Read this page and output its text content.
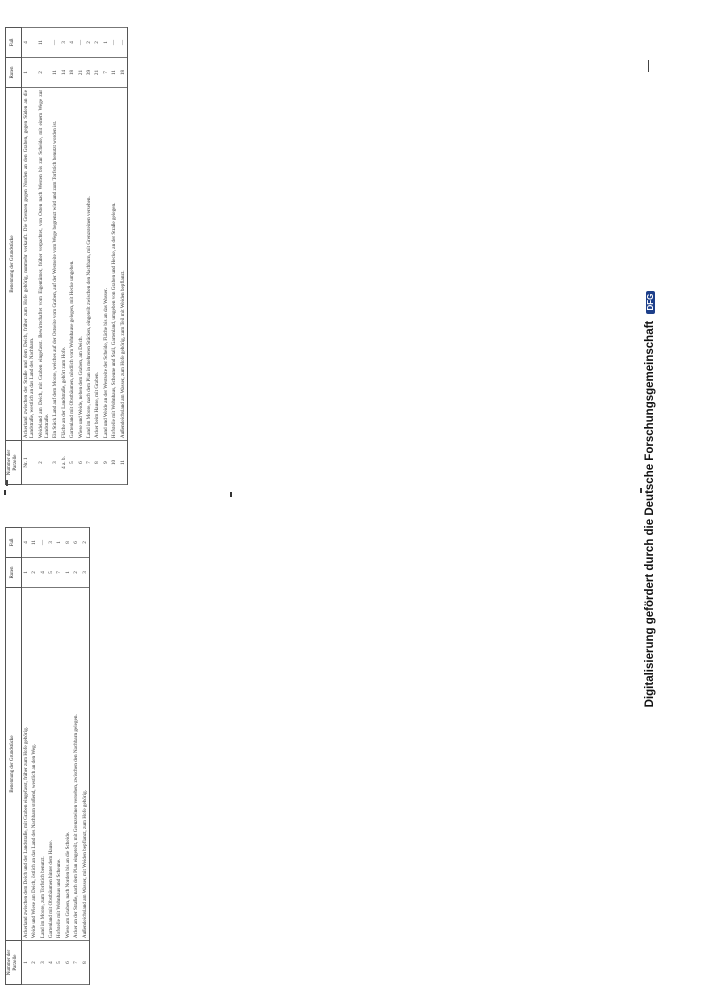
Nummer der Parzelle	Benennung der Grundstücke	Ruten	Fuß
Nr. 1	Ackerland zwischen der Straße und dem Deich, früher zum Hofe gehörig, nunmehr verkauft. Die Grenzen gegen Norden an den Graben, gegen Süden an die Landstraße, westlich an das Land des Nachbarn.	1	4
2	Weideland am Deich, mit Graben eingefasst. Bewirtschaftet vom Eigentümer, früher verpachtet, von Osten nach Westen bis zur Scheide, mit einem Wege zur Landstraße.	2	11
3	Ein Stück Land auf dem Moore, welches auf der Ostseite vom Graben, auf der Westseite vom Wege begrenzt wird und zum Torfstich benutzt worden ist.	11	—
4 a. b.	Fläche an der Landstraße, gehört zum Hofe.	14	3
5	Gartenland mit Obstbäumen, nördlich vom Wohnhause gelegen, mit Hecke umgeben.	18	4
6	Wiese und Weide, neben dem Graben, am Deich.	21	—
7	Land im Moore, nach dem Plan in mehreren Stücken, eingeteilt zwischen den Nachbarn, mit Grenzsteinen versehen.	39	2
8	Acker beim Hause, mit Graben.	21	2
9	Land und Weide an der Westseite der Scheide, Fläche bis an das Wasser.	7	1
10	Hofstelle mit Wohnhaus, Scheune und Stall, Gartenland, umgeben von Graben und Hecke, an der Straße gelegen.	11	—
11	Außendeichsland am Wasser, zum Hofe gehörig, zum Teil mit Weiden bepflanzt.	18	—
Nummer der Parzelle	Benennung der Grundstücke	Ruten	Fuß
1	Ackerland zwischen dem Deich und der Landstraße, mit Graben eingefasst, früher zum Hofe gehörig.	1	4
2	Weide und Wiese am Deich, östlich an das Land des Nachbarn stoßend, westlich an den Weg.	2	11
3	Land im Moore, zum Torfstich benutzt.	4	—
4	Gartenland mit Obstbäumen hinter dem Hause.	5	3
5	Hofstelle mit Wohnhaus und Scheune.	7	1
6	Wiese am Graben, nach Norden bis an die Scheide.	1	8
7	Acker an der Straße, nach dem Plan eingeteilt, mit Grenzsteinen versehen, zwischen den Nachbarn gelegen.	2	6
8	Außendeichsland am Wasser, mit Weiden bepflanzt, zum Hofe gehörig.	3	2	Digitalisierung gefördert durch die Deutsche Forschungsgemeinschaft DFG
